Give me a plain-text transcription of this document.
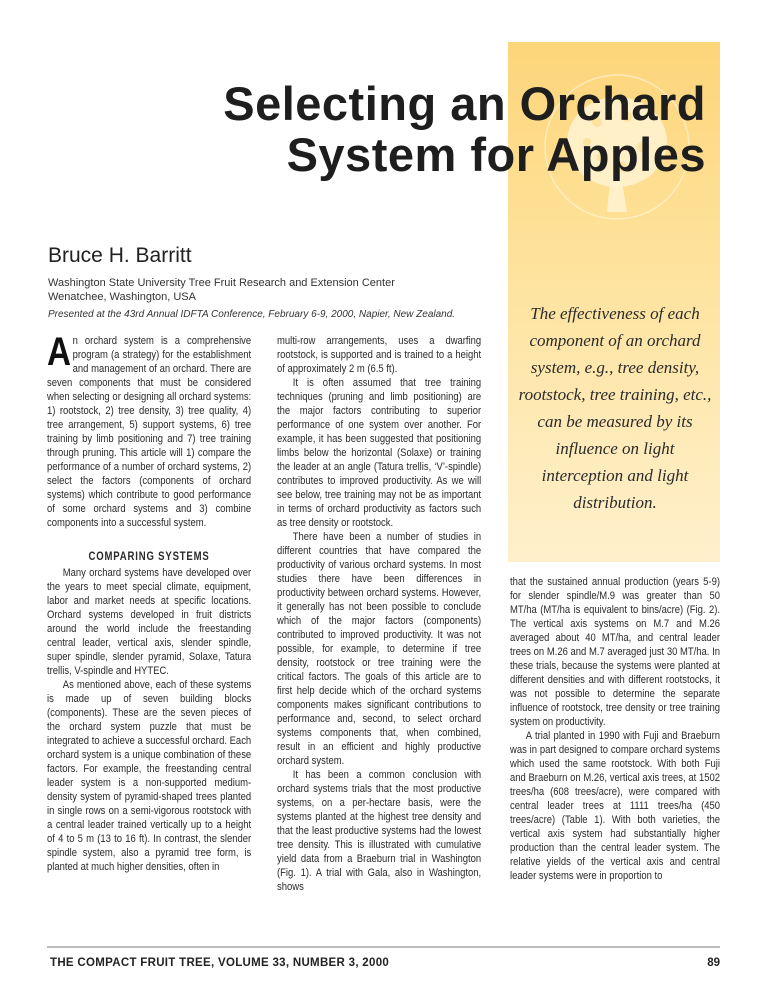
Selecting an Orchard
System for Apples
Bruce H. Barritt
Washington State University Tree Fruit Research and Extension Center
Wenatchee, Washington, USA
Presented at the 43rd Annual IDFTA Conference, February 6-9, 2000, Napier, New Zealand.	The effectiveness of each component of an orchard system, e.g., tree density, rootstock, tree training, etc., can be measured by its influence on light interception and light distribution.

An orchard system is a comprehensive program (a strategy) for the establishment and management of an orchard. There are seven components that must be considered when selecting or designing all orchard systems: 1) rootstock, 2) tree density, 3) tree quality, 4) tree arrangement, 5) support systems, 6) tree training by limb positioning and 7) tree training through pruning. This article will 1) compare the performance of a number of orchard systems, 2) select the factors (components of orchard systems) which contribute to good performance of some orchard systems and 3) combine components into a successful system.

COMPARING SYSTEMS

Many orchard systems have developed over the years to meet special climate, equipment, labor and market needs at specific locations. Orchard systems developed in fruit districts around the world include the freestanding central leader, vertical axis, slender spindle, super spindle, slender pyramid, Solaxe, Tatura trellis, V-spindle and HYTEC.

As mentioned above, each of these systems is made up of seven building blocks (components). These are the seven pieces of the orchard system puzzle that must be integrated to achieve a successful orchard. Each orchard system is a unique combination of these factors. For example, the freestanding central leader system is a non-supported medium-density system of pyramid-shaped trees planted in single rows on a semi-vigorous rootstock with a central leader trained vertically up to a height of 4 to 5 m (13 to 16 ft). In contrast, the slender spindle system, also a pyramid tree form, is planted at much higher densities, often in

multi-row arrangements, uses a dwarfing rootstock, is supported and is trained to a height of approximately 2 m (6.5 ft).

It is often assumed that tree training techniques (pruning and limb positioning) are the major factors contributing to superior performance of one system over another. For example, it has been suggested that positioning limbs below the horizontal (Solaxe) or training the leader at an angle (Tatura trellis, ‘V’-spindle) contributes to improved productivity. As we will see below, tree training may not be as important in terms of orchard productivity as factors such as tree density or rootstock.

There have been a number of studies in different countries that have compared the productivity of various orchard systems. In most studies there have been differences in productivity between orchard systems. However, it generally has not been possible to conclude which of the major factors (components) contributed to improved productivity. It was not possible, for example, to determine if tree density, rootstock or tree training were the critical factors. The goals of this article are to first help decide which of the orchard systems components makes significant contributions to performance and, second, to select orchard systems components that, when combined, result in an efficient and highly productive orchard system.

It has been a common conclusion with orchard systems trials that the most productive systems, on a per-hectare basis, were the systems planted at the highest tree density and that the least productive systems had the lowest tree density. This is illustrated with cumulative yield data from a Braeburn trial in Washington (Fig. 1). A trial with Gala, also in Washington, shows

that the sustained annual production (years 5-9) for slender spindle/M.9 was greater than 50 MT/ha (MT/ha is equivalent to bins/acre) (Fig. 2). The vertical axis systems on M.7 and M.26 averaged about 40 MT/ha, and central leader trees on M.26 and M.7 averaged just 30 MT/ha. In these trials, because the systems were planted at different densities and with different rootstocks, it was not possible to determine the separate influence of rootstock, tree density or tree training system on productivity.

A trial planted in 1990 with Fuji and Braeburn was in part designed to compare orchard systems which used the same rootstock. With both Fuji and Braeburn on M.26, vertical axis trees, at 1502 trees/ha (608 trees/acre), were compared with central leader trees at 1111 trees/ha (450 trees/acre) (Table 1). With both varieties, the vertical axis system had substantially higher production than the central leader system. The relative yields of the vertical axis and central leader systems were in proportion to

THE COMPACT FRUIT TREE, VOLUME 33, NUMBER 3, 2000	89
